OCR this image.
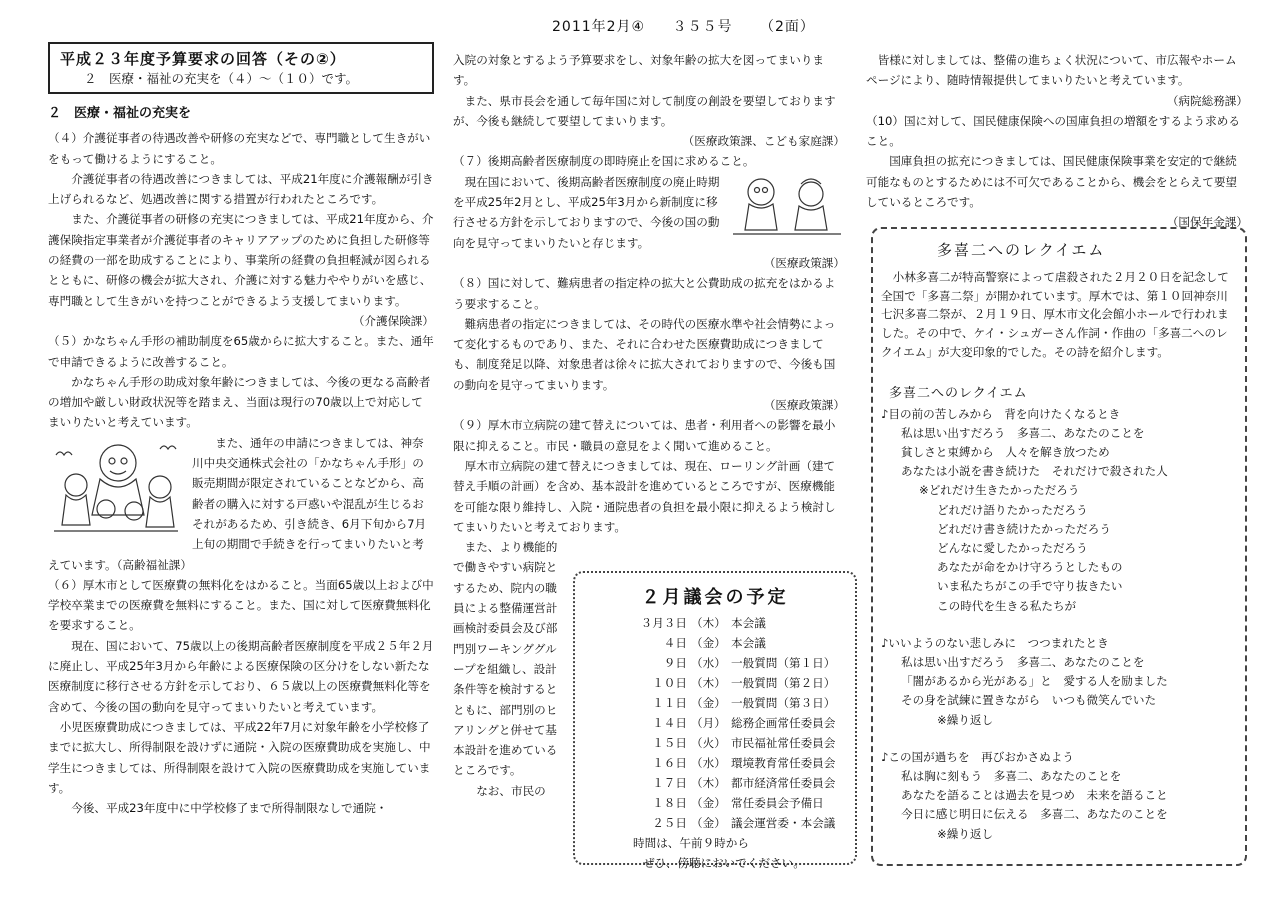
2011年2月④ ３５５号 （2面）
平成２３年度予算要求の回答（その②）
２　医療・福祉の充実を（４）～（１０）です。

２　医療・福祉の充実を

（４）介護従事者の待遇改善や研修の充実などで、専門職として生きがいをもって働けるようにすること。

介護従事者の待遇改善につきましては、平成21年度に介護報酬が引き上げられるなど、処遇改善に関する措置が行われたところです。

また、介護従事者の研修の充実につきましては、平成21年度から、介護保険指定事業者が介護従事者のキャリアアップのために負担した研修等の経費の一部を助成することにより、事業所の経費の負担軽減が図られるとともに、研修の機会が拡大され、介護に対する魅力ややりがいを感じ、専門職として生きがいを持つことができるよう支援してまいります。

（介護保険課）

（５）かなちゃん手形の補助制度を65歳からに拡大すること。また、通年で申請できるように改善すること。

かなちゃん手形の助成対象年齢につきましては、今後の更なる高齢者の増加や厳しい財政状況等を踏まえ、当面は現行の70歳以上で対応してまいりたいと考えています。

また、通年の申請につきましては、神奈川中央交通株式会社の「かなちゃん手形」の販売期間が限定されていることなどから、高齢者の購入に対する戸惑いや混乱が生じるおそれがあるため、引き続き、6月下旬から7月上旬の期間で手続きを行ってまいりたいと考えています。（高齢福祉課）

（６）厚木市として医療費の無料化をはかること。当面65歳以上および中学校卒業までの医療費を無料にすること。また、国に対して医療費無料化を要求すること。

現在、国において、75歳以上の後期高齢者医療制度を平成２５年２月に廃止し、平成25年3月から年齢による医療保険の区分けをしない新たな医療制度に移行させる方針を示しており、６５歳以上の医療費無料化等を含めて、今後の国の動向を見守ってまいりたいと考えています。

小児医療費助成につきましては、平成22年7月に対象年齢を小学校修了までに拡大し、所得制限を設けずに通院・入院の医療費助成を実施し、中学生につきましては、所得制限を設けて入院の医療費助成を実施しています。

今後、平成23年度中に中学校修了まで所得制限なしで通院・

入院の対象とするよう予算要求をし、対象年齢の拡大を図ってまいります。

また、県市長会を通して毎年国に対して制度の創設を要望しておりますが、今後も継続して要望してまいります。

（医療政策課、こども家庭課）

（７）後期高齢者医療制度の即時廃止を国に求めること。

現在国において、後期高齢者医療制度の廃止時期を平成25年2月とし、平成25年3月から新制度に移行させる方針を示しておりますので、今後の国の動向を見守ってまいりたいと存じます。

（医療政策課）

（８）国に対して、難病患者の指定枠の拡大と公費助成の拡充をはかるよう要求すること。

難病患者の指定につきましては、その時代の医療水準や社会情勢によって変化するものであり、また、それに合わせた医療費助成につきましても、制度発足以降、対象患者は徐々に拡大されておりますので、今後も国の動向を見守ってまいります。

（医療政策課）

（９）厚木市立病院の建て替えについては、患者・利用者への影響を最小限に抑えること。市民・職員の意見をよく聞いて進めること。

厚木市立病院の建て替えにつきましては、現在、ローリング計画（建て替え手順の計画）を含め、基本設計を進めているところですが、医療機能を可能な限り維持し、入院・通院患者の負担を最小限に抑えるよう検討してまいりたいと考えております。

また、より機能的で働きやすい病院とするため、院内の職員による整備運営計画検討委員会及び部門別ワーキンググループを組織し、設計条件等を検討するとともに、部門別のヒアリングと併せて基本設計を進めているところです。

なお、市民の

２月議会の予定
３月３日	（木）	本会議
４日	（金）	本会議
９日	（水）	一般質問（第１日）
１０日	（木）	一般質問（第２日）
１１日	（金）	一般質問（第３日）
１４日	（月）	総務企画常任委員会
１５日	（火）	市民福祉常任委員会
１６日	（水）	環境教育常任委員会
１７日	（木）	都市経済常任委員会
１８日	（金）	常任委員会予備日
２５日	（金）	議会運営委・本会議
時間は、午前９時から
ぜひ、傍聴においでください。

皆様に対しましては、整備の進ちょく状況について、市広報やホームページにより、随時情報提供してまいりたいと考えています。

（病院総務課）

（10）国に対して、国民健康保険への国庫負担の増額をするよう求めること。

国庫負担の拡充につきましては、国民健康保険事業を安定的で継続可能なものとするためには不可欠であることから、機会をとらえて要望しているところです。

（国保年金課）

多喜二へのレクイエム
小林多喜二が特高警察によって虐殺された２月２０日を記念して全国で「多喜二祭」が開かれています。厚木では、第１０回神奈川七沢多喜二祭が、２月１９日、厚木市文化会館小ホールで行われました。その中で、ケイ・シュガーさん作詞・作曲の「多喜二へのレクイエム」が大変印象的でした。その詩を紹介します。
多喜二へのレクイエム

♪目の前の苦しみから　背を向けたくなるとき

私は思い出すだろう　多喜二、あなたのことを

貧しさと束縛から　人々を解き放つため

あなたは小説を書き続けた　それだけで殺された人

※どれだけ生きたかっただろう

どれだけ語りたかっただろう

どれだけ書き続けたかっただろう

どんなに愛したかっただろう

あなたが命をかけ守ろうとしたもの

いま私たちがこの手で守り抜きたい

この時代を生きる私たちが

♪いいようのない悲しみに　つつまれたとき

私は思い出すだろう　多喜二、あなたのことを

「闇があるから光がある」と　愛する人を励ました

その身を試練に置きながら　いつも微笑んでいた

※繰り返し

♪この国が過ちを　再びおかさぬよう

私は胸に刻もう　多喜二、あなたのことを

あなたを語ることは過去を見つめ　未来を語ること

今日に感じ明日に伝える　多喜二、あなたのことを

※繰り返し
